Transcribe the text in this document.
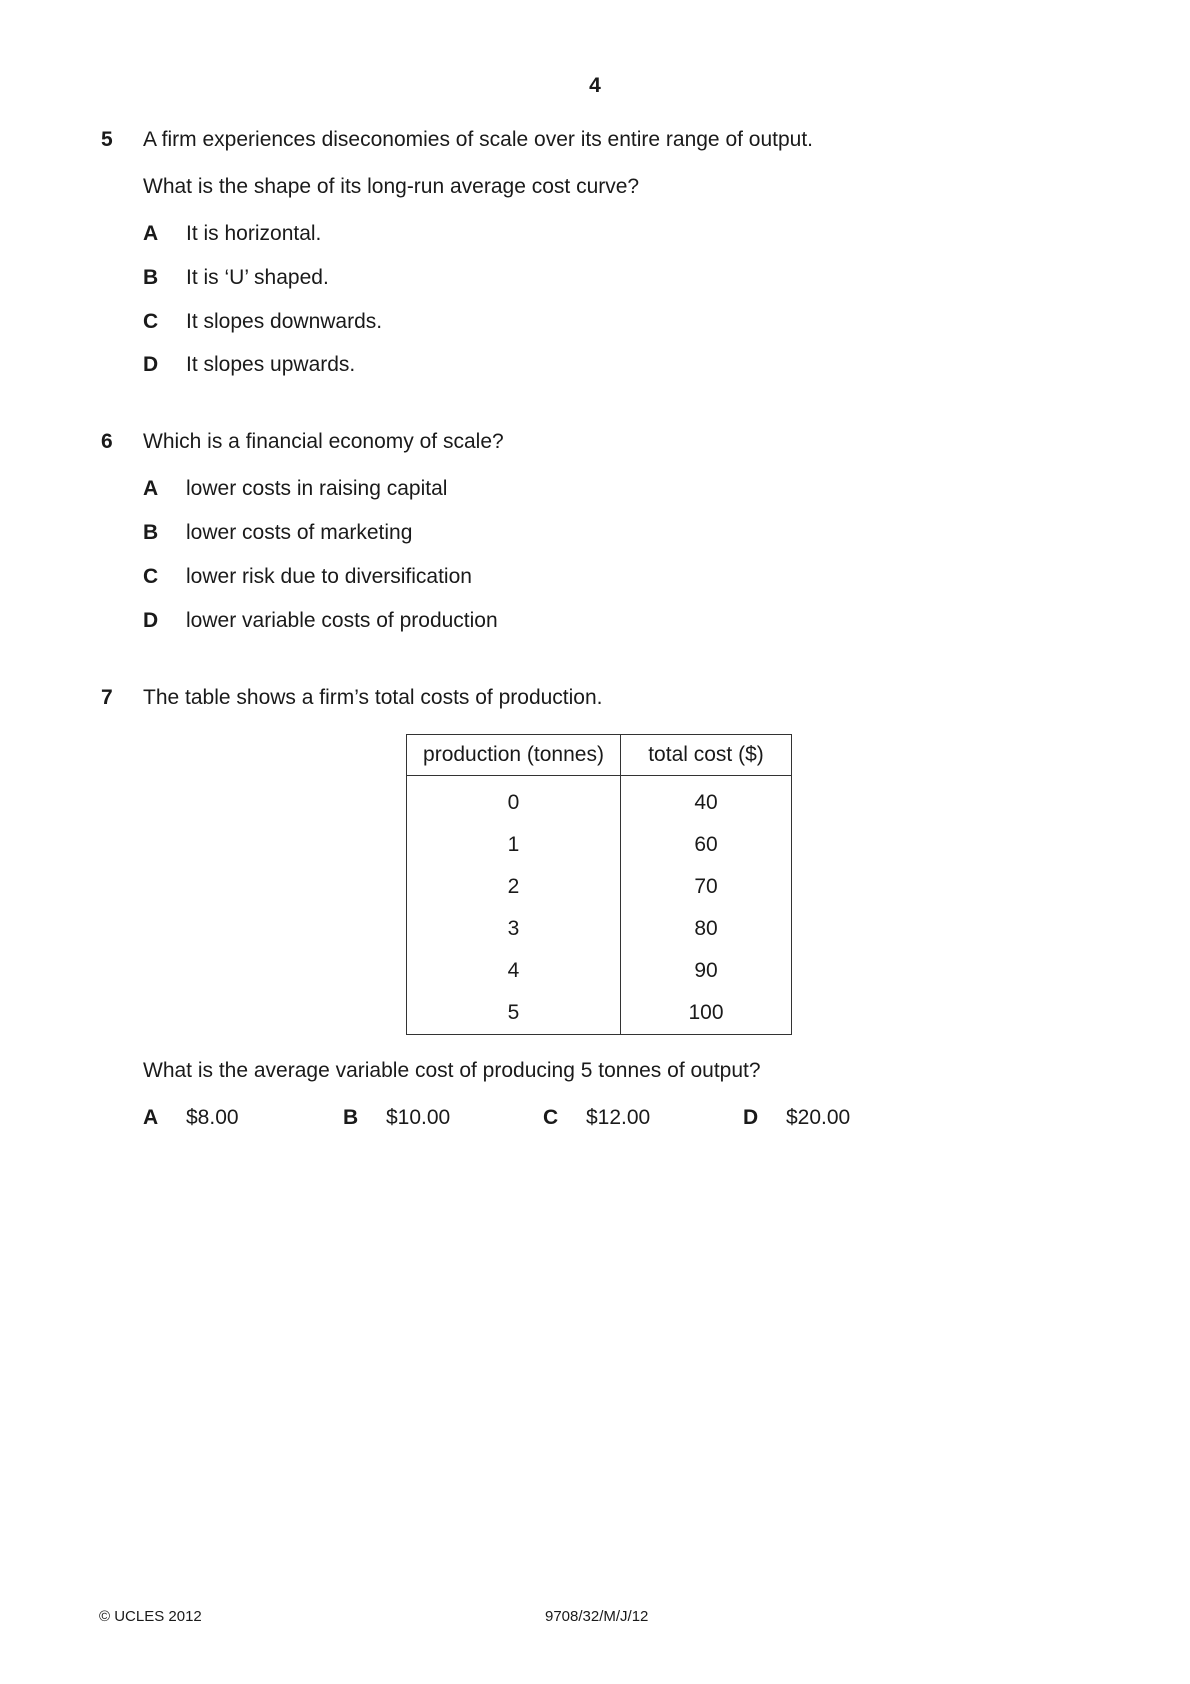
4
5 A firm experiences diseconomies of scale over its entire range of output.
What is the shape of its long-run average cost curve?
A It is horizontal.
B It is ‘U’ shaped.
C It slopes downwards.
D It slopes upwards.
6 Which is a financial economy of scale?
A lower costs in raising capital
B lower costs of marketing
C lower risk due to diversification
D lower variable costs of production
7 The table shows a firm’s total costs of production.
production (tonnes)	total cost ($)
0	40
1	60
2	70
3	80
4	90
5	100
What is the average variable cost of producing 5 tonnes of output?
A $8.00	B $10.00	C $12.00	D $20.00
© UCLES 2012	9708/32/M/J/12
